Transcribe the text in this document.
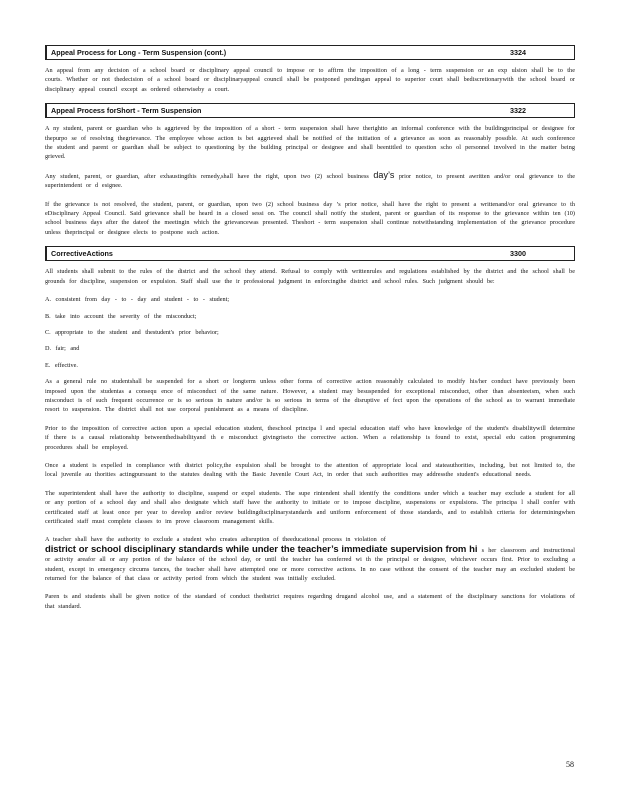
Appeal Process for Long - Term Suspension (cont.)	3324

An appeal from any decision of a school board or disciplinary appeal council to impose or to affirm the imposition of a long - term suspension or an exp ulsion shall be to the courts. Whether or not thedecision of a school board or disciplinaryappeal council shall be postponed pendingan appeal to superior court shall bediscretionarywith the school board or disciplinary appeal council except as ordered otherwiseby a court.

Appeal Process forShort - Term Suspension	3322

A ny student, parent or guardian who is aggrieved by the imposition of a short - term suspension shall have therightto an informal conference with the buildingprincipal or designee for thepurpo se of resolving thegrievance. The employee whose action is bei aggrieved shall be notified of the initiation of a grievance as soon as reasonably possible. At such conference the student and parent or guardian shall be subject to questioning by the building principal or designee and shall beentitled to question scho ol personnel involved in the matter being grieved.

Any student, parent, or guardian, after exhaustingthis remedy,shall have the right, upon two (2) school business day’s prior notice, to present awritten and/or oral grievance to the superintendent or d esignee.

If the grievance is not resolved, the student, parent, or guardian, upon two (2) school business day ’s prior notice, shall have the right to present a writtenand/or oral grievance to th eDisciplinary Appeal Council. Said grievance shall be heard in a closed sessi on. The council shall notify the student, parent or guardian of its response to the grievance within ten (10) school business days after the dateof the meetingin which the grievancewas presented. Theshort - term suspension shall continue notwithstanding implementation of the grievance procedure unless theprincipal or designee elects to postpone such action.

CorrectiveActions	3300

All students shall submit to the rules of the district and the school they attend. Refusal to comply with writtenrules and regulations established by the district and the school shall be grounds for discipline, suspension or expulsion. Staff shall use the ir professional judgment in enforcingthe district and school rules. Such judgment should be:

A. consistent from day - to - day and student - to - student;

B. take into account the severity of the misconduct;

C. appropriate to the student and thestudent's prior behavior;

D. fair; and

E. effective.

As a general rule no studentshall be suspended for a short or longterm unless other forms of corrective action reasonably calculated to modify his/her conduct have previously been imposed upon the studentas a consequ ence of misconduct of the same nature. However, a student may besuspended for exceptional misconduct, other than absenteeism, when such misconduct is of such frequent occurrence or is so serious in nature and/or is so serious in terms of the disruptive ef fect upon the operations of the school as to warrant immediate resort to suspension. The district shall not use corporal punishment as a means of discipline.

Prior to the imposition of corrective action upon a special education student, theschool principa l and special education staff who have knowledge of the student's disabilitywill determine if there is a causal relationship betweenthedisabilityand th e misconduct givingriseto the corrective action. When a relationship is found to exist, special edu cation programming procedures shall be employed.

Once a student is expelled in compliance with district policy,the expulsion shall be brought to the attention of appropriate local and stateauthorities, including, but not limited to, the local juvenile au thorities actingpursuant to the statutes dealing with the Basic Juvenile Court Act, in order that such authorities may addressthe student's educational needs.

The superintendent shall have the authority to discipline, suspend or expel students. The supe rintendent shall identify the conditions under which a teacher may exclude a student for all or any portion of a school day and shall also designate which staff have the authority to initiate or to impose discipline, suspensions or expulsions. The principa l shall confer with certificated staff at least once per year to develop and/or review buildingdisciplinarystandards and uniform enforcement of those standards, and to establish criteria for determiningwhen certificated staff must complete classes to im prove classroom management skills.

A teacher shall have the authority to exclude a student who creates adisruption of theeducational process in violation of
district or school disciplinary standards while under the teacher’s immediate supervision from hi s her classroom and instructional or activity areafor all or any portion of the balance of the school day, or until the teacher has conferred wi th the principal or designee, whichever occurs first. Prior to excluding a student, except in emergency circums tances, the teacher shall have attempted one or more corrective actions. In no case without the consent of the teacher may an excluded student be returned for the balance of that class or activity period from which the student was initially excluded.

Paren ts and students shall be given notice of the standard of conduct thedistrict requires regarding drugand alcohol use, and a statement of the disciplinary sanctions for violations of that standard.

58
